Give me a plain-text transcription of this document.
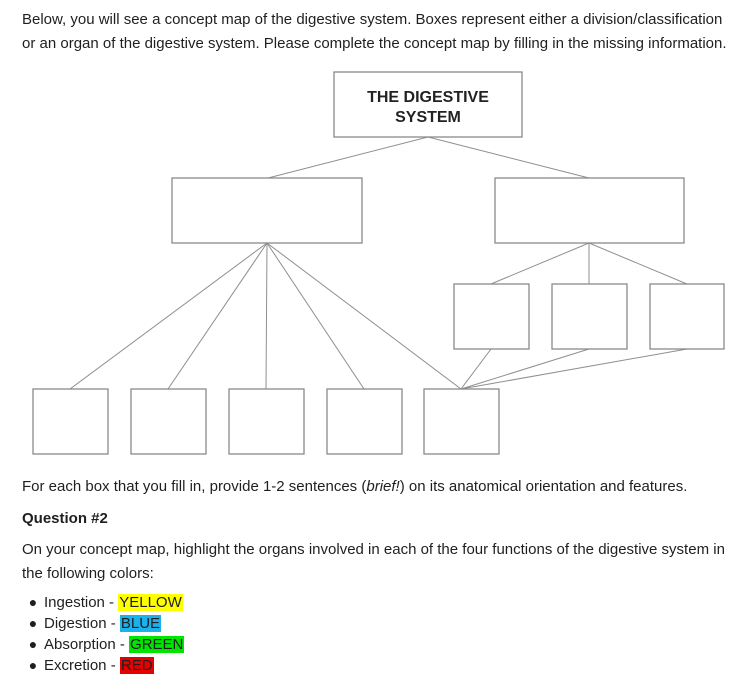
Below, you will see a concept map of the digestive system. Boxes represent either a division/classification or an organ of the digestive system. Please complete the concept map by filling in the missing information.

THE DIGESTIVE
SYSTEM

For each box that you fill in, provide 1-2 sentences (brief!) on its anatomical orientation and features.

Question #2

On your concept map, highlight the organs involved in each of the four functions of the digestive system in the following colors:

● Ingestion - YELLOW
● Digestion - BLUE
● Absorption - GREEN
● Excretion - RED
